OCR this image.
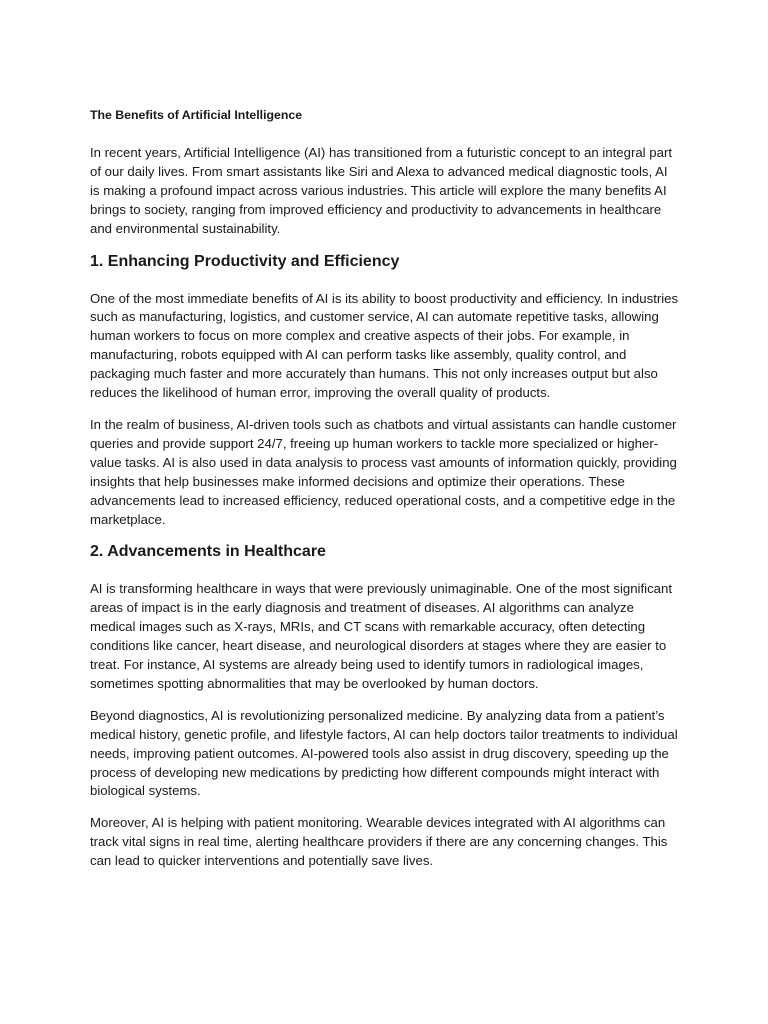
The Benefits of Artificial Intelligence

In recent years, Artificial Intelligence (AI) has transitioned from a futuristic concept to an integral part of our daily lives. From smart assistants like Siri and Alexa to advanced medical diagnostic tools, AI is making a profound impact across various industries. This article will explore the many benefits AI brings to society, ranging from improved efficiency and productivity to advancements in healthcare and environmental sustainability.

1. Enhancing Productivity and Efficiency

One of the most immediate benefits of AI is its ability to boost productivity and efficiency. In industries such as manufacturing, logistics, and customer service, AI can automate repetitive tasks, allowing human workers to focus on more complex and creative aspects of their jobs. For example, in manufacturing, robots equipped with AI can perform tasks like assembly, quality control, and packaging much faster and more accurately than humans. This not only increases output but also reduces the likelihood of human error, improving the overall quality of products.

In the realm of business, AI-driven tools such as chatbots and virtual assistants can handle customer queries and provide support 24/7, freeing up human workers to tackle more specialized or higher-value tasks. AI is also used in data analysis to process vast amounts of information quickly, providing insights that help businesses make informed decisions and optimize their operations. These advancements lead to increased efficiency, reduced operational costs, and a competitive edge in the marketplace.

2. Advancements in Healthcare

AI is transforming healthcare in ways that were previously unimaginable. One of the most significant areas of impact is in the early diagnosis and treatment of diseases. AI algorithms can analyze medical images such as X-rays, MRIs, and CT scans with remarkable accuracy, often detecting conditions like cancer, heart disease, and neurological disorders at stages where they are easier to treat. For instance, AI systems are already being used to identify tumors in radiological images, sometimes spotting abnormalities that may be overlooked by human doctors.

Beyond diagnostics, AI is revolutionizing personalized medicine. By analyzing data from a patient’s medical history, genetic profile, and lifestyle factors, AI can help doctors tailor treatments to individual needs, improving patient outcomes. AI-powered tools also assist in drug discovery, speeding up the process of developing new medications by predicting how different compounds might interact with biological systems.

Moreover, AI is helping with patient monitoring. Wearable devices integrated with AI algorithms can track vital signs in real time, alerting healthcare providers if there are any concerning changes. This can lead to quicker interventions and potentially save lives.
